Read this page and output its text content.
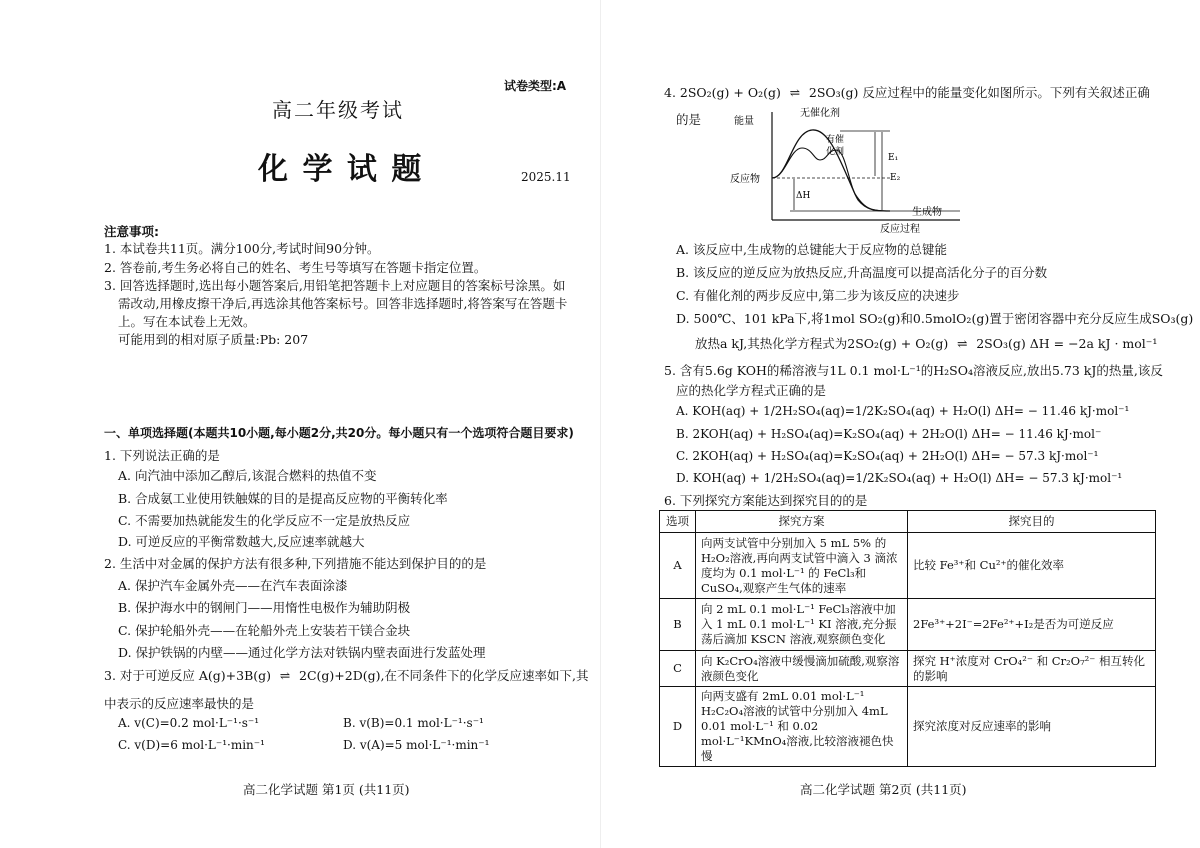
试卷类型:A
高二年级考试
化 学 试 题	2025.11
注意事项:
1. 本试卷共11页。满分100分,考试时间90分钟。
2. 答卷前,考生务必将自己的姓名、考生号等填写在答题卡指定位置。
3. 回答选择题时,选出每小题答案后,用铅笔把答题卡上对应题目的答案标号涂黑。如
需改动,用橡皮擦干净后,再选涂其他答案标号。回答非选择题时,将答案写在答题卡
上。写在本试卷上无效。
可能用到的相对原子质量:Pb: 207
一、单项选择题(本题共10小题,每小题2分,共20分。每小题只有一个选项符合题目要求)
1. 下列说法正确的是
A. 向汽油中添加乙醇后,该混合燃料的热值不变
B. 合成氨工业使用铁触媒的目的是提高反应物的平衡转化率
C. 不需要加热就能发生的化学反应不一定是放热反应
D. 可逆反应的平衡常数越大,反应速率就越大
2. 生活中对金属的保护方法有很多种,下列措施不能达到保护目的的是
A. 保护汽车金属外壳——在汽车表面涂漆
B. 保护海水中的钢闸门——用惰性电极作为辅助阴极
C. 保护轮船外壳——在轮船外壳上安装若干镁合金块
D. 保护铁锅的内壁——通过化学方法对铁锅内壁表面进行发蓝处理
3. 对于可逆反应 A(g)+3B(g) ⇌ 2C(g)+2D(g),在不同条件下的化学反应速率如下,其
中表示的反应速率最快的是
A. v(C)=0.2 mol·L⁻¹·s⁻¹	B. v(B)=0.1 mol·L⁻¹·s⁻¹
C. v(D)=6 mol·L⁻¹·min⁻¹	D. v(A)=5 mol·L⁻¹·min⁻¹
高二化学试题 第1页 (共11页)
4. 2SO₂(g) + O₂(g) ⇌ 2SO₃(g) 反应过程中的能量变化如图所示。下列有关叙述正确
的是	能量
无催化剂
有催
化剂
反应物
生成物
E₁
E₂
ΔH
反应过程
A. 该反应中,生成物的总键能大于反应物的总键能
B. 该反应的逆反应为放热反应,升高温度可以提高活化分子的百分数
C. 有催化剂的两步反应中,第二步为该反应的决速步
D. 500℃、101 kPa下,将1mol SO₂(g)和0.5molO₂(g)置于密闭容器中充分反应生成SO₃(g)
放热a kJ,其热化学方程式为2SO₂(g) + O₂(g) ⇌ 2SO₃(g) ΔH = −2a kJ · mol⁻¹
5. 含有5.6g KOH的稀溶液与1L 0.1 mol·L⁻¹的H₂SO₄溶液反应,放出5.73 kJ的热量,该反
应的热化学方程式正确的是
A. KOH(aq) + 1/2H₂SO₄(aq)=1/2K₂SO₄(aq) + H₂O(l) ΔH= − 11.46 kJ·mol⁻¹
B. 2KOH(aq) + H₂SO₄(aq)=K₂SO₄(aq) + 2H₂O(l) ΔH= − 11.46 kJ·mol⁻
C. 2KOH(aq) + H₂SO₄(aq)=K₂SO₄(aq) + 2H₂O(l) ΔH= − 57.3 kJ·mol⁻¹
D. KOH(aq) + 1/2H₂SO₄(aq)=1/2K₂SO₄(aq) + H₂O(l) ΔH= − 57.3 kJ·mol⁻¹
6. 下列探究方案能达到探究目的的是
选项	探究方案	探究目的
A	向两支试管中分别加入 5 mL 5% 的 H₂O₂溶液,再向两支试管中滴入 3 滴浓度均为 0.1 mol·L⁻¹ 的 FeCl₃和 CuSO₄,观察产生气体的速率	比较 Fe³⁺和 Cu²⁺的催化效率
B	向 2 mL 0.1 mol·L⁻¹ FeCl₃溶液中加入 1 mL 0.1 mol·L⁻¹ KI 溶液,充分振荡后滴加 KSCN 溶液,观察颜色变化	2Fe³⁺+2I⁻=2Fe²⁺+I₂是否为可逆反应
C	向 K₂CrO₄溶液中缓慢滴加硫酸,观察溶液颜色变化	探究 H⁺浓度对 CrO₄²⁻ 和 Cr₂O₇²⁻ 相互转化的影响
D	向两支盛有 2mL 0.01 mol·L⁻¹ H₂C₂O₄溶液的试管中分别加入 4mL 0.01 mol·L⁻¹ 和 0.02 mol·L⁻¹KMnO₄溶液,比较溶液褪色快慢	探究浓度对反应速率的影响
高二化学试题 第2页 (共11页)
